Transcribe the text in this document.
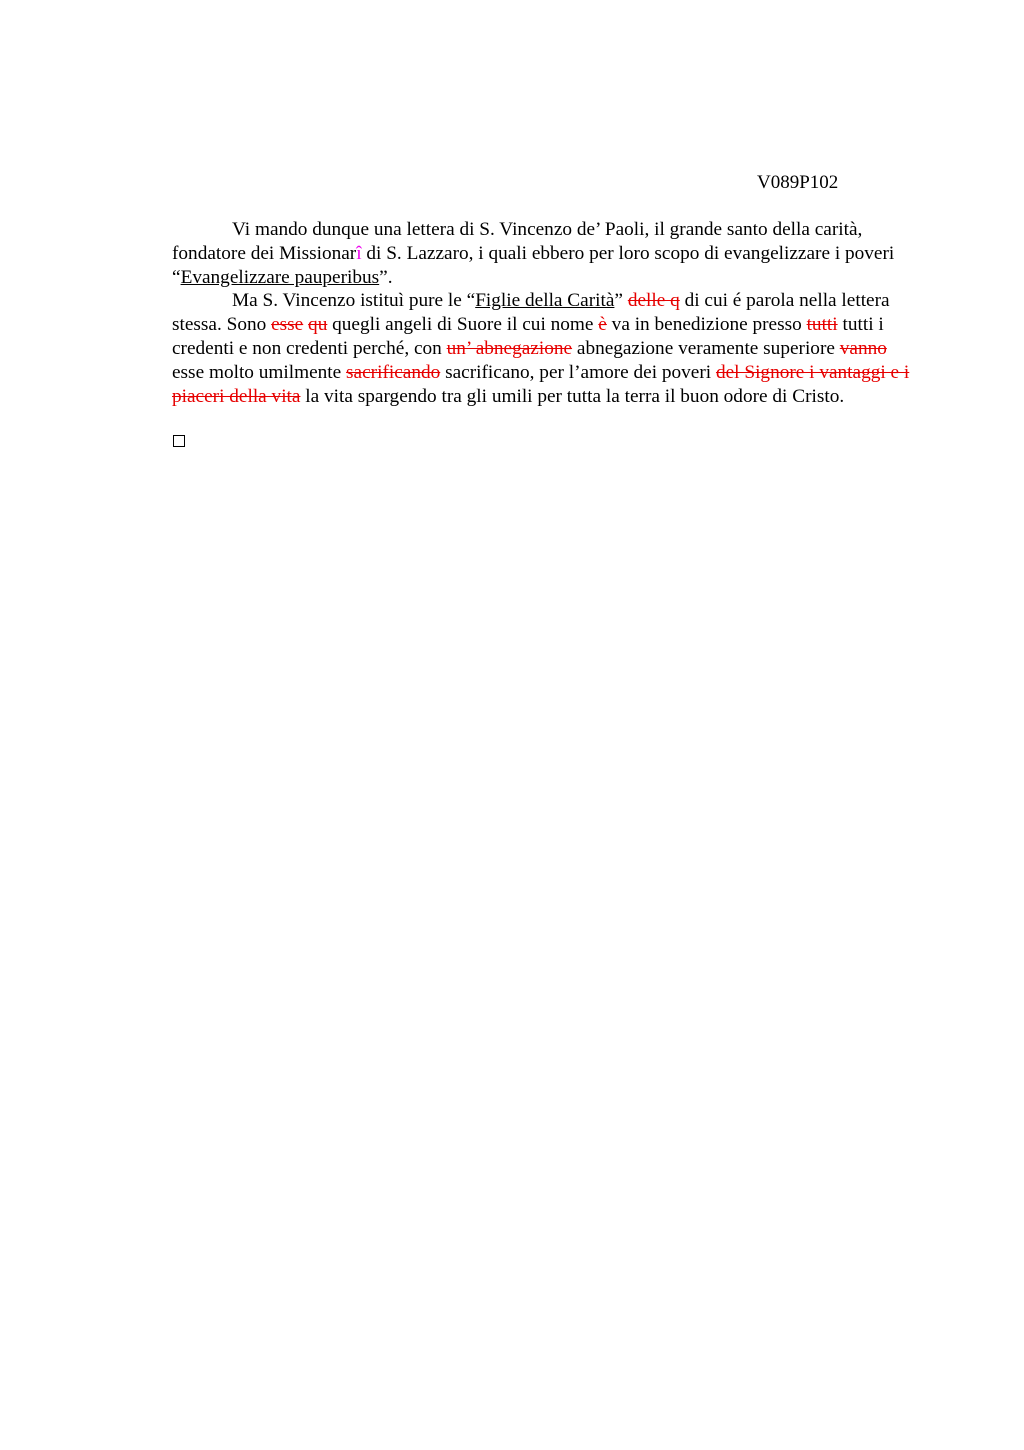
V089P102

Vi mando dunque una lettera di S. Vincenzo de’ Paoli, il grande santo della carità, fondatore dei Missionarî di S. Lazzaro, i quali ebbero per loro scopo di evangelizzare i poveri “Evangelizzare pauperibus”.

Ma S. Vincenzo istituì pure le “Figlie della Carità” delle q di cui é parola nella lettera stessa. Sono esse qu quegli angeli di Suore il cui nome è va in benedizione presso tutti tutti i credenti e non credenti perché, con un’ abnegazione abnegazione veramente superiore vanno esse molto umilmente sacrificando sacrificano, per l’amore dei poveri del Signore i vantaggi e i piaceri della vita la vita spargendo tra gli umili per tutta la terra il buon odore di Cristo.
